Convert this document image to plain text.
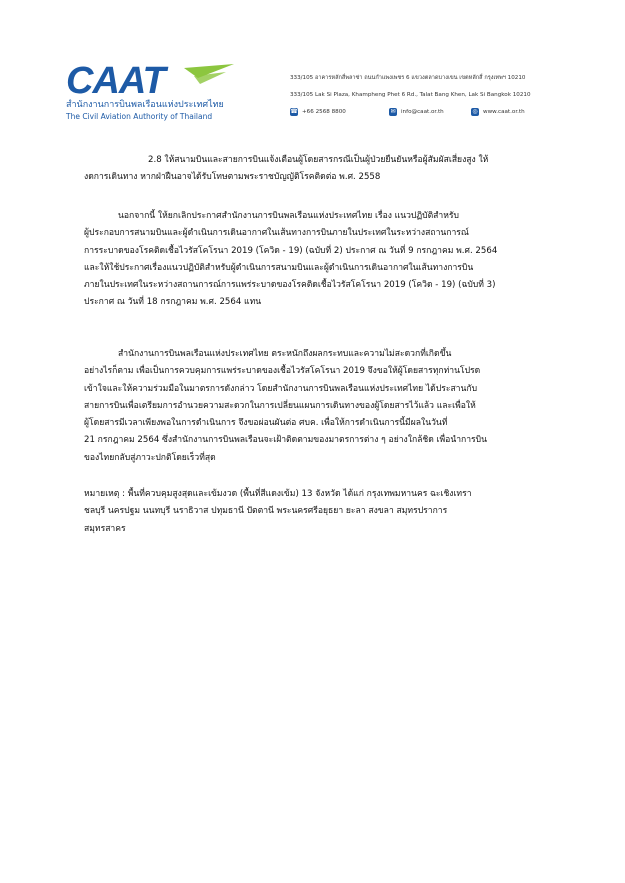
CAAT
สำนักงานการบินพลเรือนแห่งประเทศไทย
The Civil Aviation Authority of Thailand
333/105 อาคารหลักสี่พลาซ่า ถนนกำแพงเพชร 6 แขวงตลาดบางเขน เขตหลักสี่ กรุงเทพฯ 10210
333/105 Lak Si Plaza, Khampheng Phet 6 Rd., Talat Bang Khen, Lak Si Bangkok 10210
☎ +66 2568 8800	✉ info@caat.or.th	◎ www.caat.or.th
2.8 ให้สนามบินและสายการบินแจ้งเตือนผู้โดยสารกรณีเป็นผู้ป่วยยืนยันหรือผู้สัมผัสเสี่ยงสูง ให้
งดการเดินทาง หากฝ่าฝืนอาจได้รับโทษตามพระราชบัญญัติโรคติดต่อ พ.ศ. 2558
นอกจากนี้ ให้ยกเลิกประกาศสำนักงานการบินพลเรือนแห่งประเทศไทย เรื่อง แนวปฏิบัติสำหรับ
ผู้ประกอบการสนามบินและผู้ดำเนินการเดินอากาศในเส้นทางการบินภายในประเทศในระหว่างสถานการณ์
การระบาดของโรคติดเชื้อไวรัสโคโรนา 2019 (โควิด - 19) (ฉบับที่ 2) ประกาศ ณ วันที่ 9 กรกฎาคม พ.ศ. 2564
และให้ใช้ประกาศเรื่องแนวปฏิบัติสำหรับผู้ดำเนินการสนามบินและผู้ดำเนินการเดินอากาศในเส้นทางการบิน
ภายในประเทศในระหว่างสถานการณ์การแพร่ระบาดของโรคติดเชื้อไวรัสโคโรนา 2019 (โควิด - 19) (ฉบับที่ 3)
ประกาศ ณ วันที่ 18 กรกฎาคม พ.ศ. 2564 แทน
สำนักงานการบินพลเรือนแห่งประเทศไทย ตระหนักถึงผลกระทบและความไม่สะดวกที่เกิดขึ้น
อย่างไรก็ตาม เพื่อเป็นการควบคุมการแพร่ระบาดของเชื้อไวรัสโคโรนา 2019 จึงขอให้ผู้โดยสารทุกท่านโปรด
เข้าใจและให้ความร่วมมือในมาตรการดังกล่าว โดยสำนักงานการบินพลเรือนแห่งประเทศไทย ได้ประสานกับ
สายการบินเพื่อเตรียมการอำนวยความสะดวกในการเปลี่ยนแผนการเดินทางของผู้โดยสารไว้แล้ว และเพื่อให้
ผู้โดยสารมีเวลาเพียงพอในการดำเนินการ จึงขอผ่อนผันต่อ ศบค. เพื่อให้การดำเนินการนี้มีผลในวันที่
21 กรกฎาคม 2564 ซึ่งสำนักงานการบินพลเรือนจะเฝ้าติดตามของมาตรการต่าง ๆ อย่างใกล้ชิด เพื่อนำการบิน
ของไทยกลับสู่ภาวะปกติโดยเร็วที่สุด
หมายเหตุ : พื้นที่ควบคุมสูงสุดและเข้มงวด (พื้นที่สีแดงเข้ม) 13 จังหวัด ได้แก่ กรุงเทพมหานคร ฉะเชิงเทรา
ชลบุรี นครปฐม นนทบุรี นราธิวาส ปทุมธานี ปัตตานี พระนครศรีอยุธยา ยะลา สงขลา สมุทรปราการ
สมุทรสาคร
